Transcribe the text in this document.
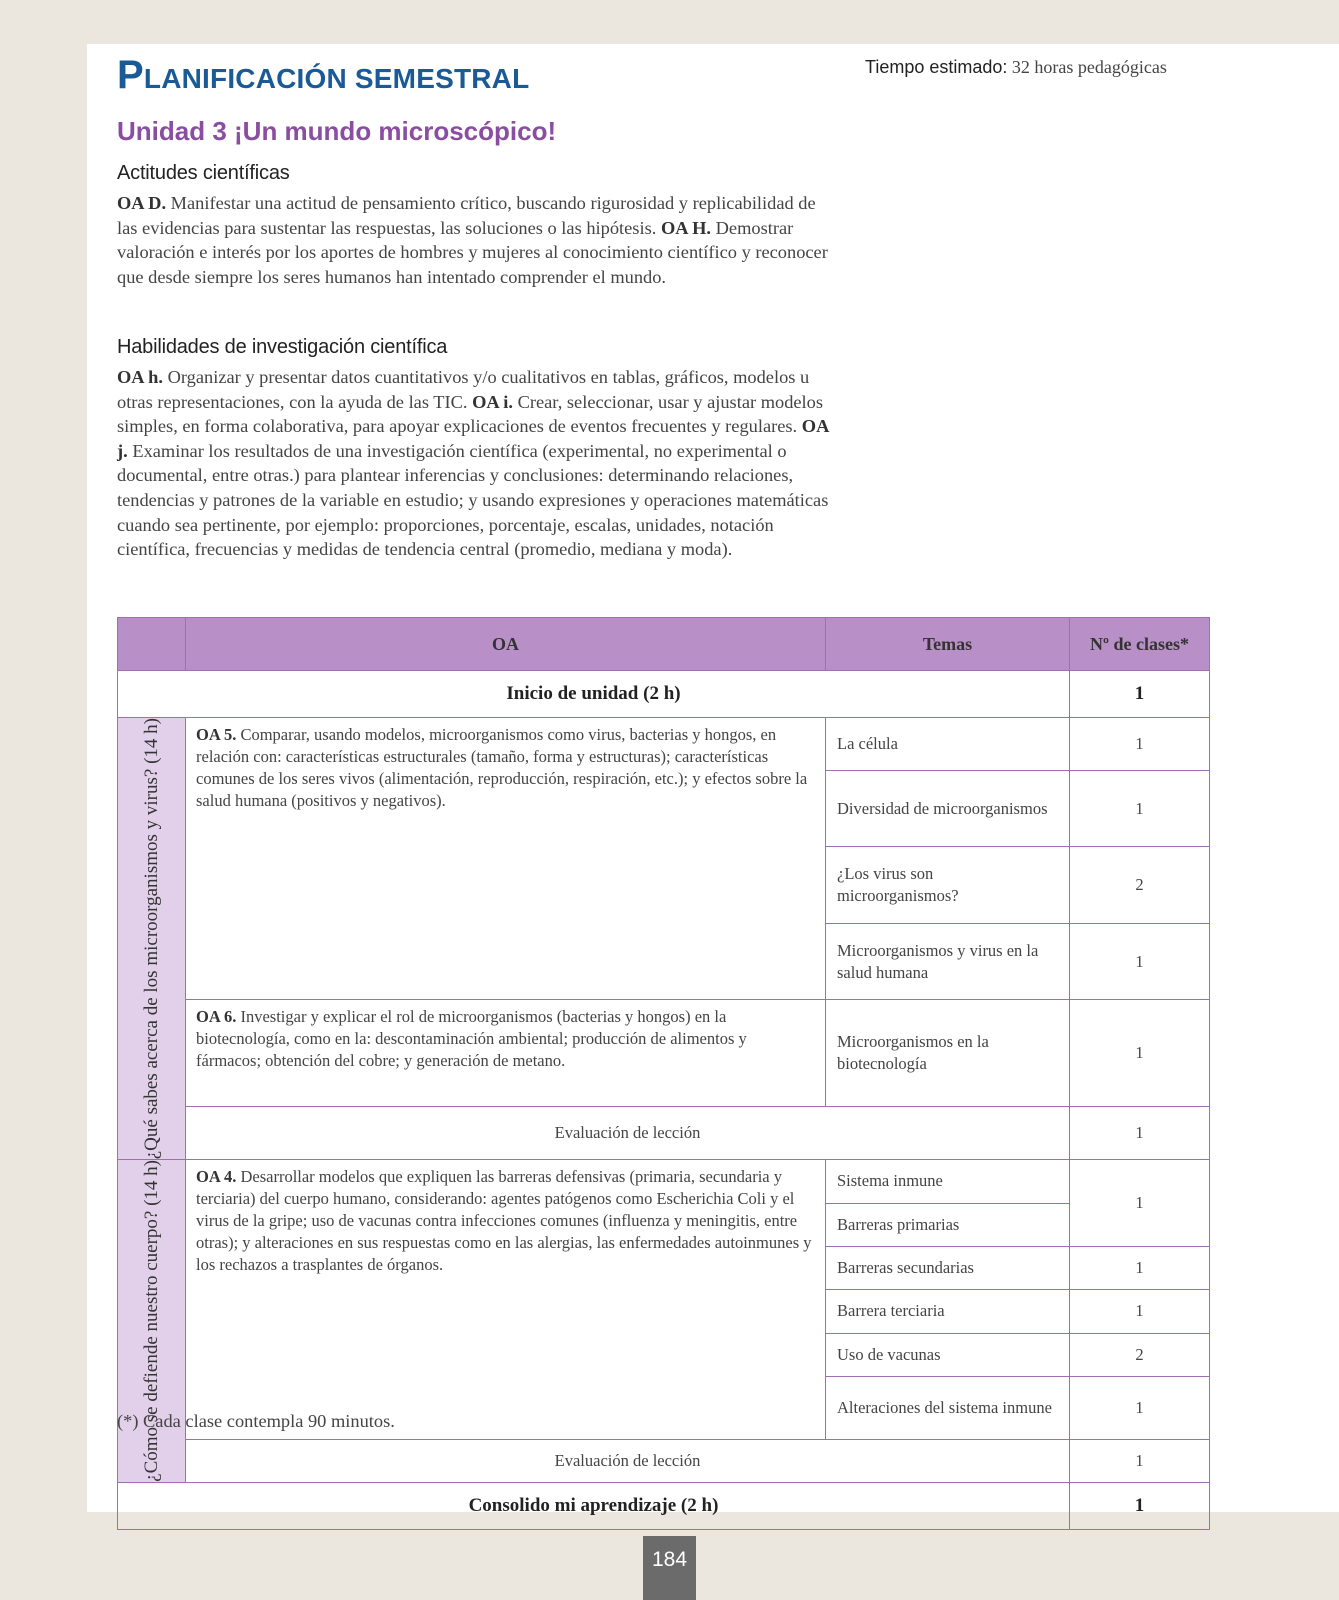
PLANIFICACIÓN SEMESTRAL	Tiempo estimado: 32 horas pedagógicas
Unidad 3 ¡Un mundo microscópico!
Actitudes científicas

OA D. Manifestar una actitud de pensamiento crítico, buscando rigurosidad y replicabilidad de las evidencias para sustentar las respuestas, las soluciones o las hipótesis. OA H. Demostrar valoración e interés por los aportes de hombres y mujeres al conocimiento científico y reconocer que desde siempre los seres humanos han intentado comprender el mundo.

Habilidades de investigación científica

OA h. Organizar y presentar datos cuantitativos y/o cualitativos en tablas, gráficos, modelos u otras representaciones, con la ayuda de las TIC. OA i. Crear, seleccionar, usar y ajustar modelos simples, en forma colaborativa, para apoyar explicaciones de eventos frecuentes y regulares. OA j. Examinar los resultados de una investigación científica (experimental, no experimental o documental, entre otras.) para plantear inferencias y conclusiones: determinando relaciones, tendencias y patrones de la variable en estudio; y usando expresiones y operaciones matemáticas cuando sea pertinente, por ejemplo: proporciones, porcentaje, escalas, unidades, notación científica, frecuencias y medidas de tendencia central (promedio, mediana y moda).

	OA	Temas	Nº de clases*
Inicio de unidad (2 h)			1

¿Qué sabes acerca de los microorganismos y virus? (14 h)	OA 5. Comparar, usando modelos, microorganismos como virus, bacterias y hongos, en relación con: características estructurales (tamaño, forma y estructuras); características comunes de los seres vivos (alimentación, reproducción, respiración, etc.); y efectos sobre la salud humana (positivos y negativos).	La célula	1
		Diversidad de microorganismos	1
		¿Los virus son microorganismos?	2
		Microorganismos y virus en la salud humana	1
	OA 6. Investigar y explicar el rol de microorganismos (bacterias y hongos) en la biotecnología, como en la: descontaminación ambiental; producción de alimentos y fármacos; obtención del cobre; y generación de metano.	Microorganismos en la biotecnología	1
	Evaluación de lección		1

¿Cómo se defiende nuestro cuerpo? (14 h)	OA 4. Desarrollar modelos que expliquen las barreras defensivas (primaria, secundaria y terciaria) del cuerpo humano, considerando: agentes patógenos como Escherichia Coli y el virus de la gripe; uso de vacunas contra infecciones comunes (influenza y meningitis, entre otras); y alteraciones en sus respuestas como en las alergias, las enfermedades autoinmunes y los rechazos a trasplantes de órganos.	Sistema inmune	1
		Barreras primarias	
		Barreras secundarias	1
		Barrera terciaria	1
		Uso de vacunas	2
		Alteraciones del sistema inmune	1
	Evaluación de lección		1
Consolido mi aprendizaje (2 h)			1
(*) Cada clase contempla 90 minutos.
184
